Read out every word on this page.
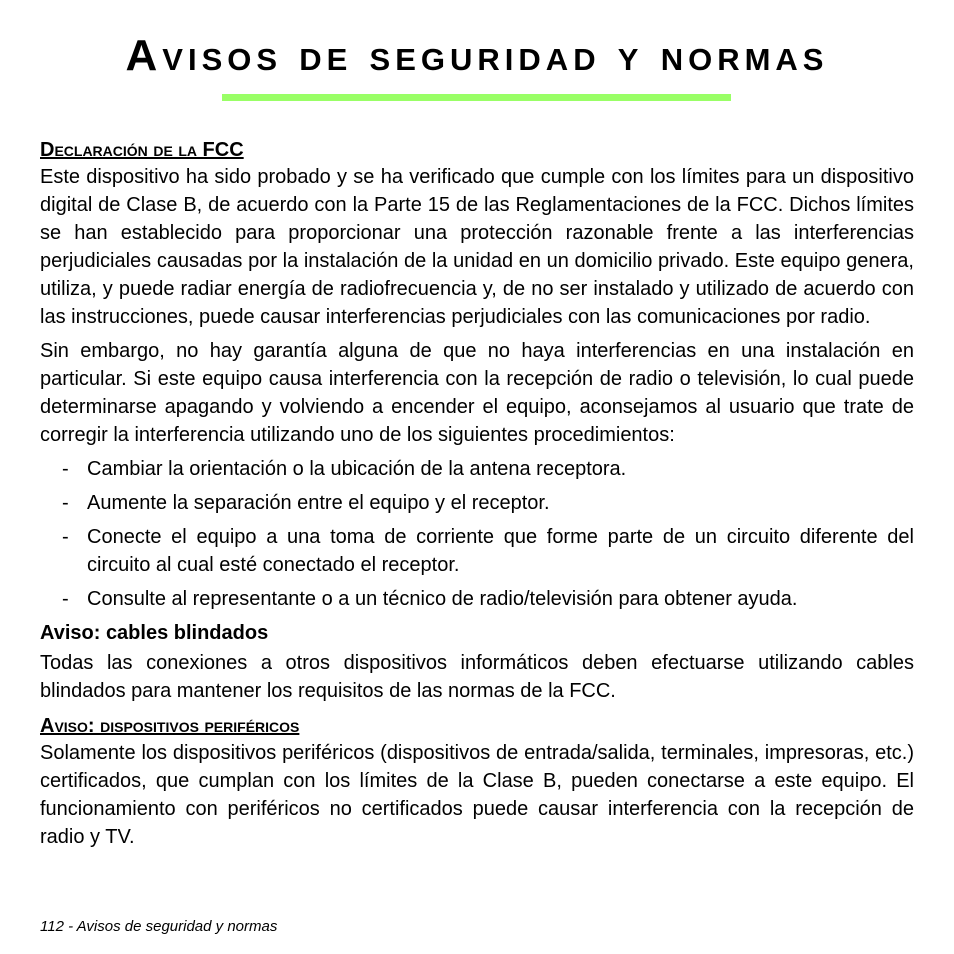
Avisos de seguridad y normas
Declaración de la FCC

Este dispositivo ha sido probado y se ha verificado que cumple con los límites para un dispositivo digital de Clase B, de acuerdo con la Parte 15 de las Reglamentaciones de la FCC. Dichos límites se han establecido para proporcionar una protección razonable frente a las interferencias perjudiciales causadas por la instalación de la unidad en un domicilio privado. Este equipo genera, utiliza, y puede radiar energía de radiofrecuencia y, de no ser instalado y utilizado de acuerdo con las instrucciones, puede causar interferencias perjudiciales con las comunicaciones por radio.

Sin embargo, no hay garantía alguna de que no haya interferencias en una instalación en particular. Si este equipo causa interferencia con la recepción de radio o televisión, lo cual puede determinarse apagando y volviendo a encender el equipo, aconsejamos al usuario que trate de corregir la interferencia utilizando uno de los siguientes procedimientos:

- Cambiar la orientación o la ubicación de la antena receptora.
- Aumente la separación entre el equipo y el receptor.
- Conecte el equipo a una toma de corriente que forme parte de un circuito diferente del circuito al cual esté conectado el receptor.
- Consulte al representante o a un técnico de radio/televisión para obtener ayuda.
Aviso: cables blindados

Todas las conexiones a otros dispositivos informáticos deben efectuarse utilizando cables blindados para mantener los requisitos de las normas de la FCC.

Aviso: dispositivos periféricos

Solamente los dispositivos periféricos (dispositivos de entrada/salida, terminales, impresoras, etc.) certificados, que cumplan con los límites de la Clase B, pueden conectarse a este equipo. El funcionamiento con periféricos no certificados puede causar interferencia con la recepción de radio y TV.

112 - Avisos de seguridad y normas
